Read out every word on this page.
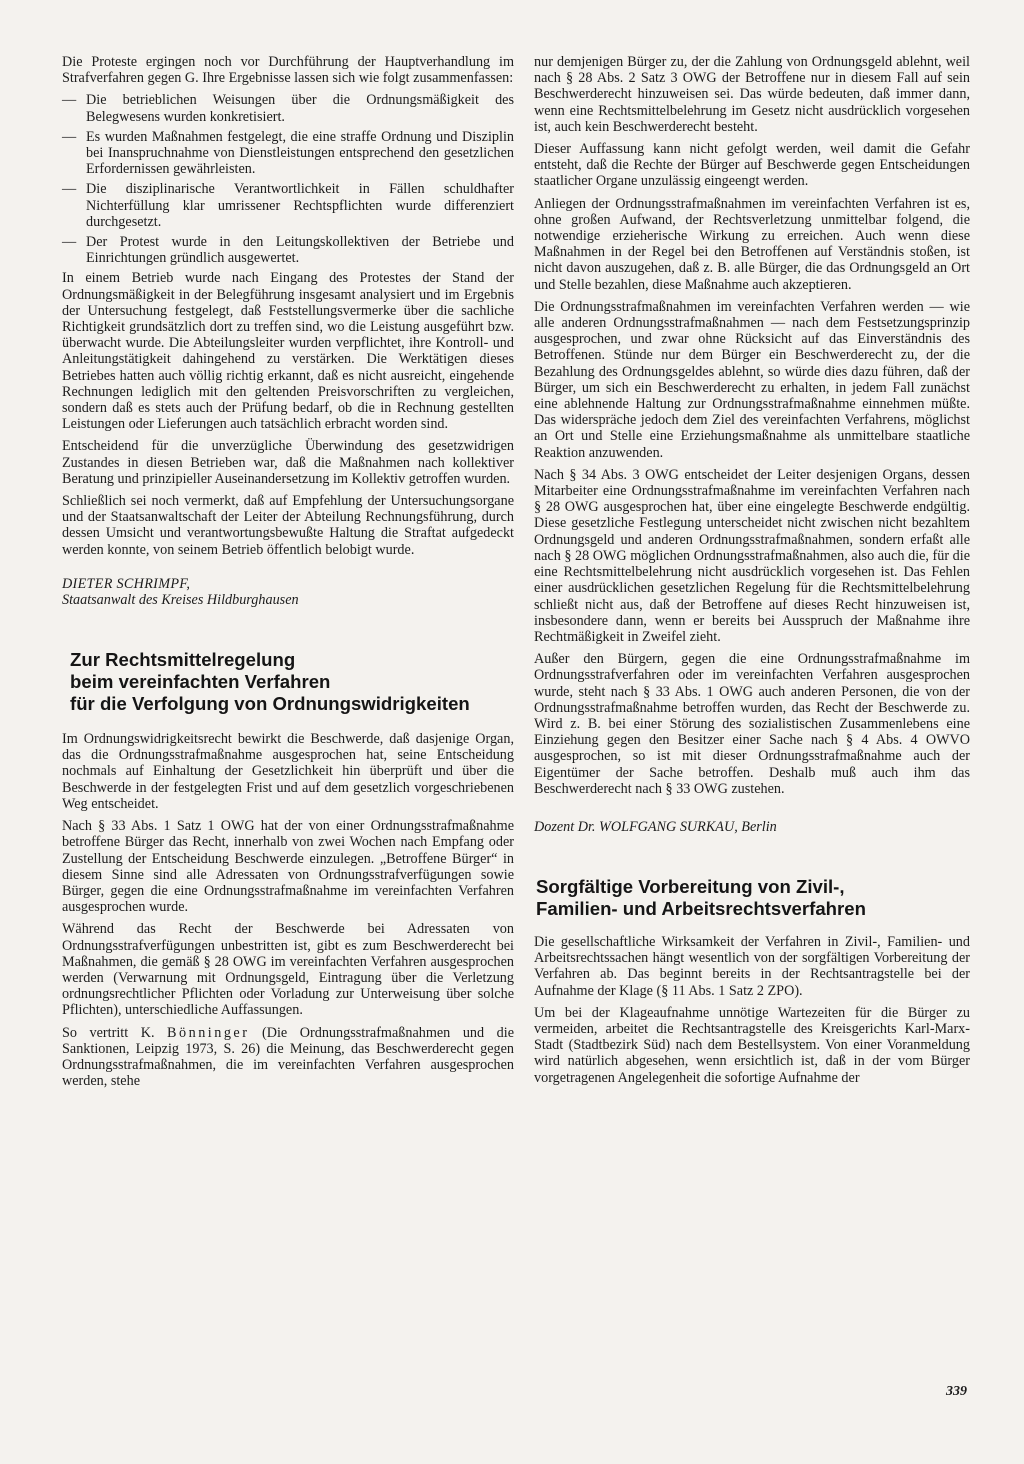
Die Proteste ergingen noch vor Durchführung der Hauptverhandlung im Strafverfahren gegen G. Ihre Ergebnisse lassen sich wie folgt zusammenfassen:

— Die betrieblichen Weisungen über die Ordnungsmäßigkeit des Belegwesens wurden konkretisiert.
— Es wurden Maßnahmen festgelegt, die eine straffe Ordnung und Disziplin bei Inanspruchnahme von Dienstleistungen entsprechend den gesetzlichen Erfordernissen gewährleisten.
— Die disziplinarische Verantwortlichkeit in Fällen schuldhafter Nichterfüllung klar umrissener Rechtspflichten wurde differenziert durchgesetzt.
— Der Protest wurde in den Leitungskollektiven der Betriebe und Einrichtungen gründlich ausgewertet.

In einem Betrieb wurde nach Eingang des Protestes der Stand der Ordnungsmäßigkeit in der Belegführung insgesamt analysiert und im Ergebnis der Untersuchung festgelegt, daß Feststellungsvermerke über die sachliche Richtigkeit grundsätzlich dort zu treffen sind, wo die Leistung ausgeführt bzw. überwacht wurde. Die Abteilungsleiter wurden verpflichtet, ihre Kontroll- und Anleitungstätigkeit dahingehend zu verstärken. Die Werktätigen dieses Betriebes hatten auch völlig richtig erkannt, daß es nicht ausreicht, eingehende Rechnungen lediglich mit den geltenden Preisvorschriften zu vergleichen, sondern daß es stets auch der Prüfung bedarf, ob die in Rechnung gestellten Leistungen oder Lieferungen auch tatsächlich erbracht worden sind.

Entscheidend für die unverzügliche Überwindung des gesetzwidrigen Zustandes in diesen Betrieben war, daß die Maßnahmen nach kollektiver Beratung und prinzipieller Auseinandersetzung im Kollektiv getroffen wurden.

Schließlich sei noch vermerkt, daß auf Empfehlung der Untersuchungsorgane und der Staatsanwaltschaft der Leiter der Abteilung Rechnungsführung, durch dessen Umsicht und verantwortungsbewußte Haltung die Straftat aufgedeckt werden konnte, von seinem Betrieb öffentlich belobigt wurde.

DIETER SCHRIMPF,
Staatsanwalt des Kreises Hildburghausen
Zur Rechtsmittelregelung
beim vereinfachten Verfahren
für die Verfolgung von Ordnungswidrigkeiten

Im Ordnungswidrigkeitsrecht bewirkt die Beschwerde, daß dasjenige Organ, das die Ordnungsstrafmaßnahme ausgesprochen hat, seine Entscheidung nochmals auf Einhaltung der Gesetzlichkeit hin überprüft und über die Beschwerde in der festgelegten Frist und auf dem gesetzlich vorgeschriebenen Weg entscheidet.

Nach § 33 Abs. 1 Satz 1 OWG hat der von einer Ordnungsstrafmaßnahme betroffene Bürger das Recht, innerhalb von zwei Wochen nach Empfang oder Zustellung der Entscheidung Beschwerde einzulegen. „Betroffene Bürger“ in diesem Sinne sind alle Adressaten von Ordnungsstrafverfügungen sowie Bürger, gegen die eine Ordnungsstrafmaßnahme im vereinfachten Verfahren ausgesprochen wurde.

Während das Recht der Beschwerde bei Adressaten von Ordnungsstrafverfügungen unbestritten ist, gibt es zum Beschwerderecht bei Maßnahmen, die gemäß § 28 OWG im vereinfachten Verfahren ausgesprochen werden (Verwarnung mit Ordnungsgeld, Eintragung über die Verletzung ordnungsrechtlicher Pflichten oder Vorladung zur Unterweisung über solche Pflichten), unterschiedliche Auffassungen.

So vertritt K. Bönninger (Die Ordnungsstrafmaßnahmen und die Sanktionen, Leipzig 1973, S. 26) die Meinung, das Beschwerderecht gegen Ordnungsstrafmaßnahmen, die im vereinfachten Verfahren ausgesprochen werden, stehe

nur demjenigen Bürger zu, der die Zahlung von Ordnungsgeld ablehnt, weil nach § 28 Abs. 2 Satz 3 OWG der Betroffene nur in diesem Fall auf sein Beschwerderecht hinzuweisen sei. Das würde bedeuten, daß immer dann, wenn eine Rechtsmittelbelehrung im Gesetz nicht ausdrücklich vorgesehen ist, auch kein Beschwerderecht besteht.

Dieser Auffassung kann nicht gefolgt werden, weil damit die Gefahr entsteht, daß die Rechte der Bürger auf Beschwerde gegen Entscheidungen staatlicher Organe unzulässig eingeengt werden.

Anliegen der Ordnungsstrafmaßnahmen im vereinfachten Verfahren ist es, ohne großen Aufwand, der Rechtsverletzung unmittelbar folgend, die notwendige erzieherische Wirkung zu erreichen. Auch wenn diese Maßnahmen in der Regel bei den Betroffenen auf Verständnis stoßen, ist nicht davon auszugehen, daß z. B. alle Bürger, die das Ordnungsgeld an Ort und Stelle bezahlen, diese Maßnahme auch akzeptieren.

Die Ordnungsstrafmaßnahmen im vereinfachten Verfahren werden — wie alle anderen Ordnungsstrafmaßnahmen — nach dem Festsetzungsprinzip ausgesprochen, und zwar ohne Rücksicht auf das Einverständnis des Betroffenen. Stünde nur dem Bürger ein Beschwerderecht zu, der die Bezahlung des Ordnungsgeldes ablehnt, so würde dies dazu führen, daß der Bürger, um sich ein Beschwerderecht zu erhalten, in jedem Fall zunächst eine ablehnende Haltung zur Ordnungsstrafmaßnahme einnehmen müßte. Das widerspräche jedoch dem Ziel des vereinfachten Verfahrens, möglichst an Ort und Stelle eine Erziehungsmaßnahme als unmittelbare staatliche Reaktion anzuwenden.

Nach § 34 Abs. 3 OWG entscheidet der Leiter desjenigen Organs, dessen Mitarbeiter eine Ordnungsstrafmaßnahme im vereinfachten Verfahren nach § 28 OWG ausgesprochen hat, über eine eingelegte Beschwerde endgültig. Diese gesetzliche Festlegung unterscheidet nicht zwischen nicht bezahltem Ordnungsgeld und anderen Ordnungsstrafmaßnahmen, sondern erfaßt alle nach § 28 OWG möglichen Ordnungsstrafmaßnahmen, also auch die, für die eine Rechtsmittelbelehrung nicht ausdrücklich vorgesehen ist. Das Fehlen einer ausdrücklichen gesetzlichen Regelung für die Rechtsmittelbelehrung schließt nicht aus, daß der Betroffene auf dieses Recht hinzuweisen ist, insbesondere dann, wenn er bereits bei Ausspruch der Maßnahme ihre Rechtmäßigkeit in Zweifel zieht.

Außer den Bürgern, gegen die eine Ordnungsstrafmaßnahme im Ordnungsstrafverfahren oder im vereinfachten Verfahren ausgesprochen wurde, steht nach § 33 Abs. 1 OWG auch anderen Personen, die von der Ordnungsstrafmaßnahme betroffen wurden, das Recht der Beschwerde zu. Wird z. B. bei einer Störung des sozialistischen Zusammenlebens eine Einziehung gegen den Besitzer einer Sache nach § 4 Abs. 4 OWVO ausgesprochen, so ist mit dieser Ordnungsstrafmaßnahme auch der Eigentümer der Sache betroffen. Deshalb muß auch ihm das Beschwerderecht nach § 33 OWG zustehen.

Dozent Dr. WOLFGANG SURKAU, Berlin
Sorgfältige Vorbereitung von Zivil-,
Familien- und Arbeitsrechtsverfahren

Die gesellschaftliche Wirksamkeit der Verfahren in Zivil-, Familien- und Arbeitsrechtssachen hängt wesentlich von der sorgfältigen Vorbereitung der Verfahren ab. Das beginnt bereits in der Rechtsantragstelle bei der Aufnahme der Klage (§ 11 Abs. 1 Satz 2 ZPO).

Um bei der Klageaufnahme unnötige Wartezeiten für die Bürger zu vermeiden, arbeitet die Rechtsantragstelle des Kreisgerichts Karl-Marx-Stadt (Stadtbezirk Süd) nach dem Bestellsystem. Von einer Voranmeldung wird natürlich abgesehen, wenn ersichtlich ist, daß in der vom Bürger vorgetragenen Angelegenheit die sofortige Aufnahme der

339
